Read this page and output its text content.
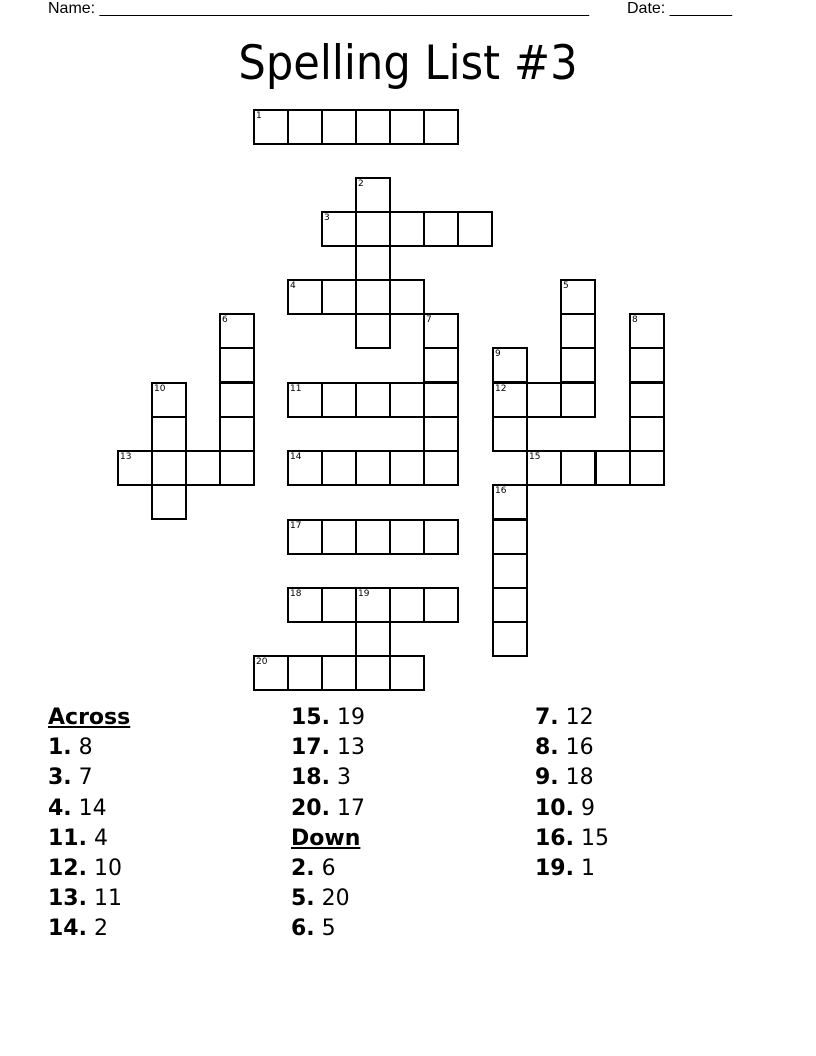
Name: _______________________________________________________ Date: _______
Spelling List #3
1
2
3
4	5
6	7	8
9
12
10	11
13	14	15
16
17
18	19
20
Across
1. 8
3. 7
4. 14
11. 4
12. 10
13. 11
14. 2
15. 19
17. 13
18. 3
20. 17
Down
2. 6
5. 20
6. 5
7. 12
8. 16
9. 18
10. 9
16. 15
19. 1
